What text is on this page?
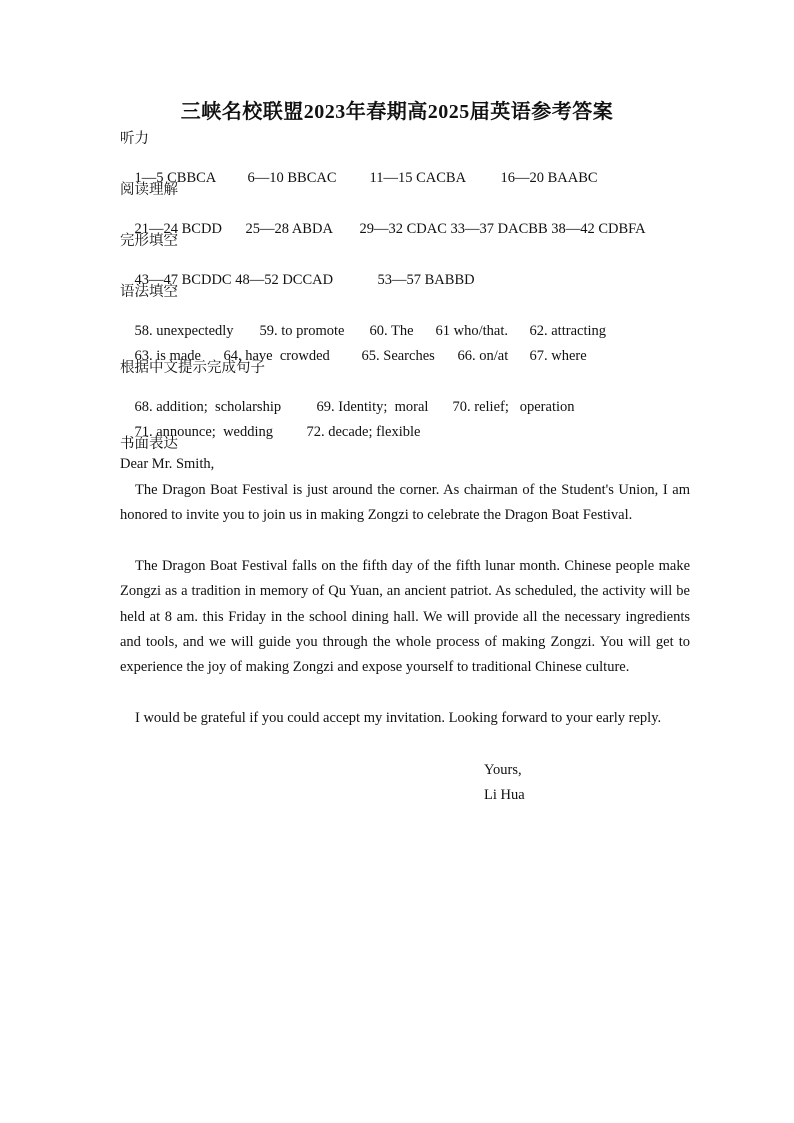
三峡名校联盟2023年春期高2025届英语参考答案
听力

1—5 CBBCA 6—10 BBCAC 11—15 CACBA 16—20 BAABC

阅读理解

21—24 BCDD 25—28 ABDA 29—32 CDAC 33—37 DACBB 38—42 CDBFA

完形填空

43—47 BCDDC 48—52 DCCAD	53—57 BABBD

语法填空

58. unexpectedly 59. to promote 60. The 61 who/that. 62. attracting

63. is made 64. have  crowded 65. Searches 66. on/at 67. where

根据中文提示完成句子

68. addition;  scholarship 69. Identity;  moral 70. relief;   operation

71. announce;  wedding 72. decade; flexible

书面表达
Dear Mr. Smith,

The Dragon Boat Festival is just around the corner. As chairman of the Student's Union, I am honored to invite you to join us in making Zongzi to celebrate the Dragon Boat Festival.

The Dragon Boat Festival falls on the fifth day of the fifth lunar month. Chinese people make Zongzi as a tradition in memory of Qu Yuan, an ancient patriot. As scheduled, the activity will be held at 8 am. this Friday in the school dining hall. We will provide all the necessary ingredients and tools, and we will guide you through the whole process of making Zongzi. You will get to experience the joy of making Zongzi and expose yourself to traditional Chinese culture.

I would be grateful if you could accept my invitation. Looking forward to your early reply.

Yours,
Li Hua
